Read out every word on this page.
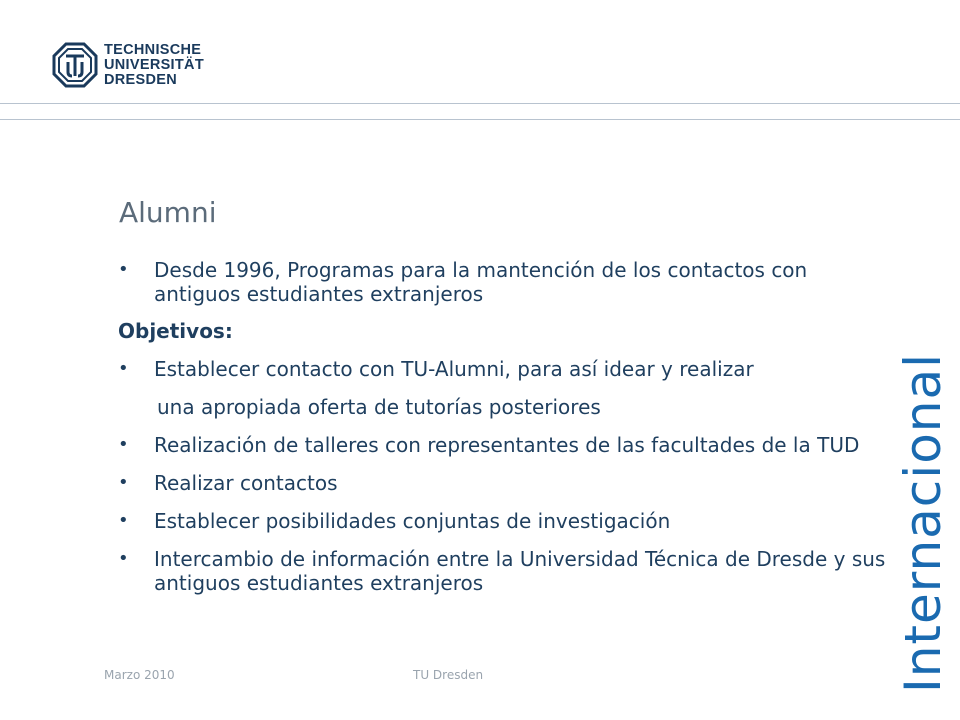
TECHNISCHE
UNIVERSITÄT
DRESDEN
Alumni
• Desde 1996, Programas para la mantención de los contactos con antiguos estudiantes extranjeros
Objetivos:
• Establecer contacto con TU-Alumni, para así idear y realizar
una apropiada oferta de tutorías posteriores
• Realización de talleres con representantes de las facultades de la TUD
• Realizar contactos
• Establecer posibilidades conjuntas de investigación
• Intercambio de información entre la Universidad Técnica de Dresde y sus antiguos estudiantes extranjeros	Internacional
Marzo 2010	TU Dresden
